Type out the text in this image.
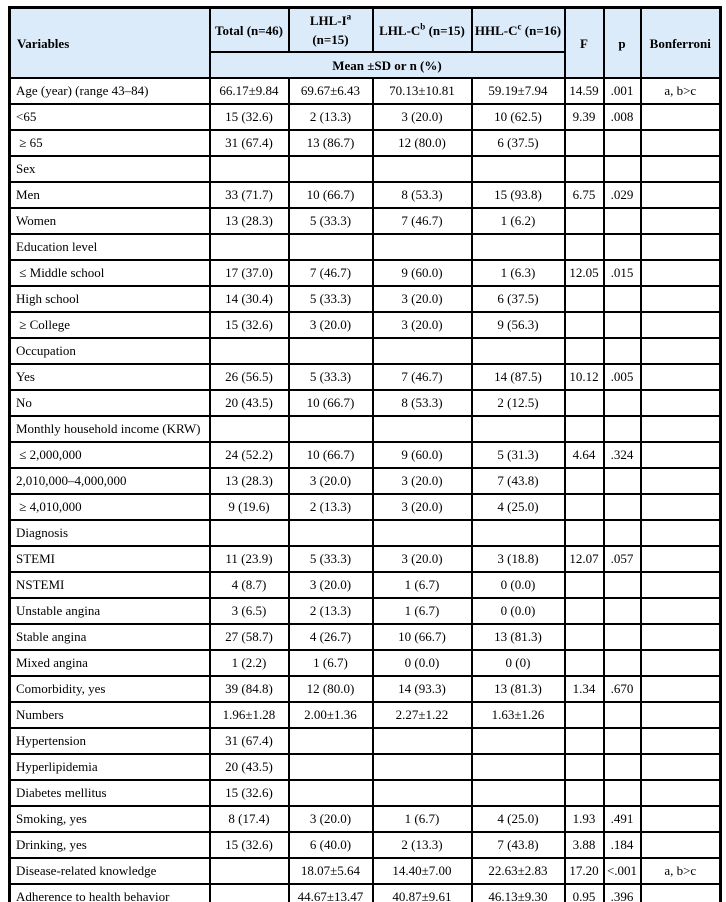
Variables	Total (n=46)	LHL-$I^a$ (n=15)	LHL-$C^b$ (n=15)	HHL-$C^c$ (n=16)	F	p	Bonferroni
	Mean ±SD or n (%)						
Age (year) (range 43–84)	66.17±9.84	69.67±6.43	70.13±10.81	59.19±7.94	14.59	.001	a, b>c
<65	15 (32.6)	2 (13.3)	3 (20.0)	10 (62.5)	9.39	.008	
≥ 65	31 (67.4)	13 (86.7)	12 (80.0)	6 (37.5)			
Sex							
Men	33 (71.7)	10 (66.7)	8 (53.3)	15 (93.8)	6.75	.029	
Women	13 (28.3)	5 (33.3)	7 (46.7)	1 (6.2)			
Education level							
≤ Middle school	17 (37.0)	7 (46.7)	9 (60.0)	1 (6.3)	12.05	.015	
High school	14 (30.4)	5 (33.3)	3 (20.0)	6 (37.5)			
≥ College	15 (32.6)	3 (20.0)	3 (20.0)	9 (56.3)			
Occupation							
Yes	26 (56.5)	5 (33.3)	7 (46.7)	14 (87.5)	10.12	.005	
No	20 (43.5)	10 (66.7)	8 (53.3)	2 (12.5)			
Monthly household income (KRW)							
≤ 2,000,000	24 (52.2)	10 (66.7)	9 (60.0)	5 (31.3)	4.64	.324	
2,010,000–4,000,000	13 (28.3)	3 (20.0)	3 (20.0)	7 (43.8)			
≥ 4,010,000	9 (19.6)	2 (13.3)	3 (20.0)	4 (25.0)			
Diagnosis							
STEMI	11 (23.9)	5 (33.3)	3 (20.0)	3 (18.8)	12.07	.057	
NSTEMI	4 (8.7)	3 (20.0)	1 (6.7)	0 (0.0)			
Unstable angina	3 (6.5)	2 (13.3)	1 (6.7)	0 (0.0)			
Stable angina	27 (58.7)	4 (26.7)	10 (66.7)	13 (81.3)			
Mixed angina	1 (2.2)	1 (6.7)	0 (0.0)	0 (0)			
Comorbidity, yes	39 (84.8)	12 (80.0)	14 (93.3)	13 (81.3)	1.34	.670	
Numbers	1.96±1.28	2.00±1.36	2.27±1.22	1.63±1.26			
Hypertension	31 (67.4)						
Hyperlipidemia	20 (43.5)						
Diabetes mellitus	15 (32.6)						
Smoking, yes	8 (17.4)	3 (20.0)	1 (6.7)	4 (25.0)	1.93	.491	
Drinking, yes	15 (32.6)	6 (40.0)	2 (13.3)	7 (43.8)	3.88	.184	
Disease-related knowledge		18.07±5.64	14.40±7.00	22.63±2.83	17.20	<.001	a, b>c
Adherence to health behavior		44.67±13.47	40.87±9.61	46.13±9.30	0.95	.396	
